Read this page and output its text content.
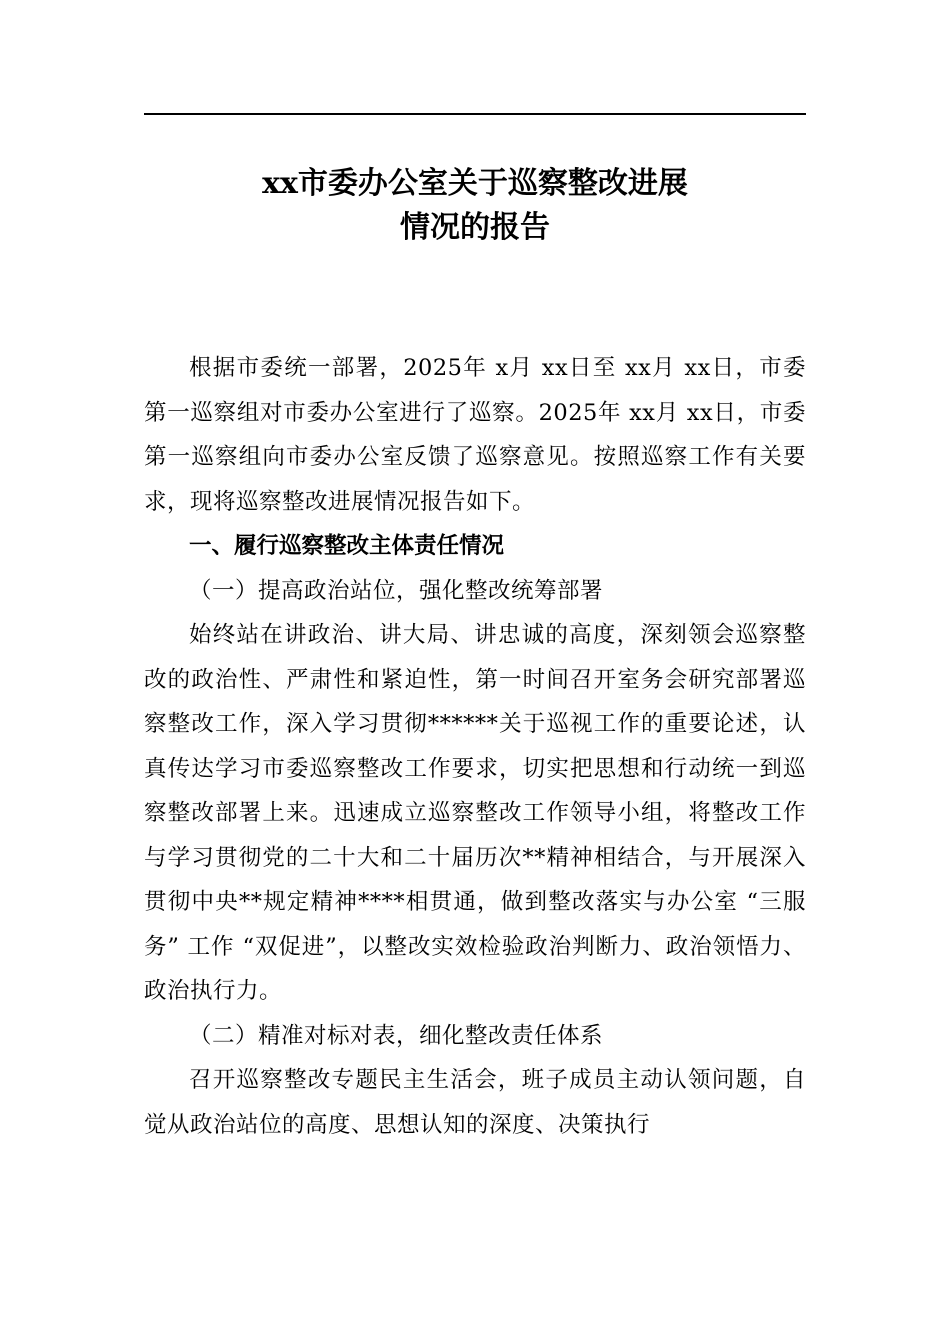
xx市委办公室关于巡察整改进展
情况的报告

根据市委统一部署，2025年 x月 xx日至 xx月 xx日，市委第一巡察组对市委办公室进行了巡察。2025年 xx月 xx日，市委第一巡察组向市委办公室反馈了巡察意见。按照巡察工作有关要求，现将巡察整改进展情况报告如下。

一、履行巡察整改主体责任情况

（一）提高政治站位，强化整改统筹部署

始终站在讲政治、讲大局、讲忠诚的高度，深刻领会巡察整改的政治性、严肃性和紧迫性，第一时间召开室务会研究部署巡察整改工作，深入学习贯彻******关于巡视工作的重要论述，认真传达学习市委巡察整改工作要求，切实把思想和行动统一到巡察整改部署上来。迅速成立巡察整改工作领导小组，将整改工作与学习贯彻党的二十大和二十届历次**精神相结合，与开展深入贯彻中央**规定精神****相贯通，做到整改落实与办公室 “三服务” 工作 “双促进”，以整改实效检验政治判断力、政治领悟力、政治执行力。

（二）精准对标对表，细化整改责任体系

召开巡察整改专题民主生活会，班子成员主动认领问题，自觉从政治站位的高度、思想认知的深度、决策执行
